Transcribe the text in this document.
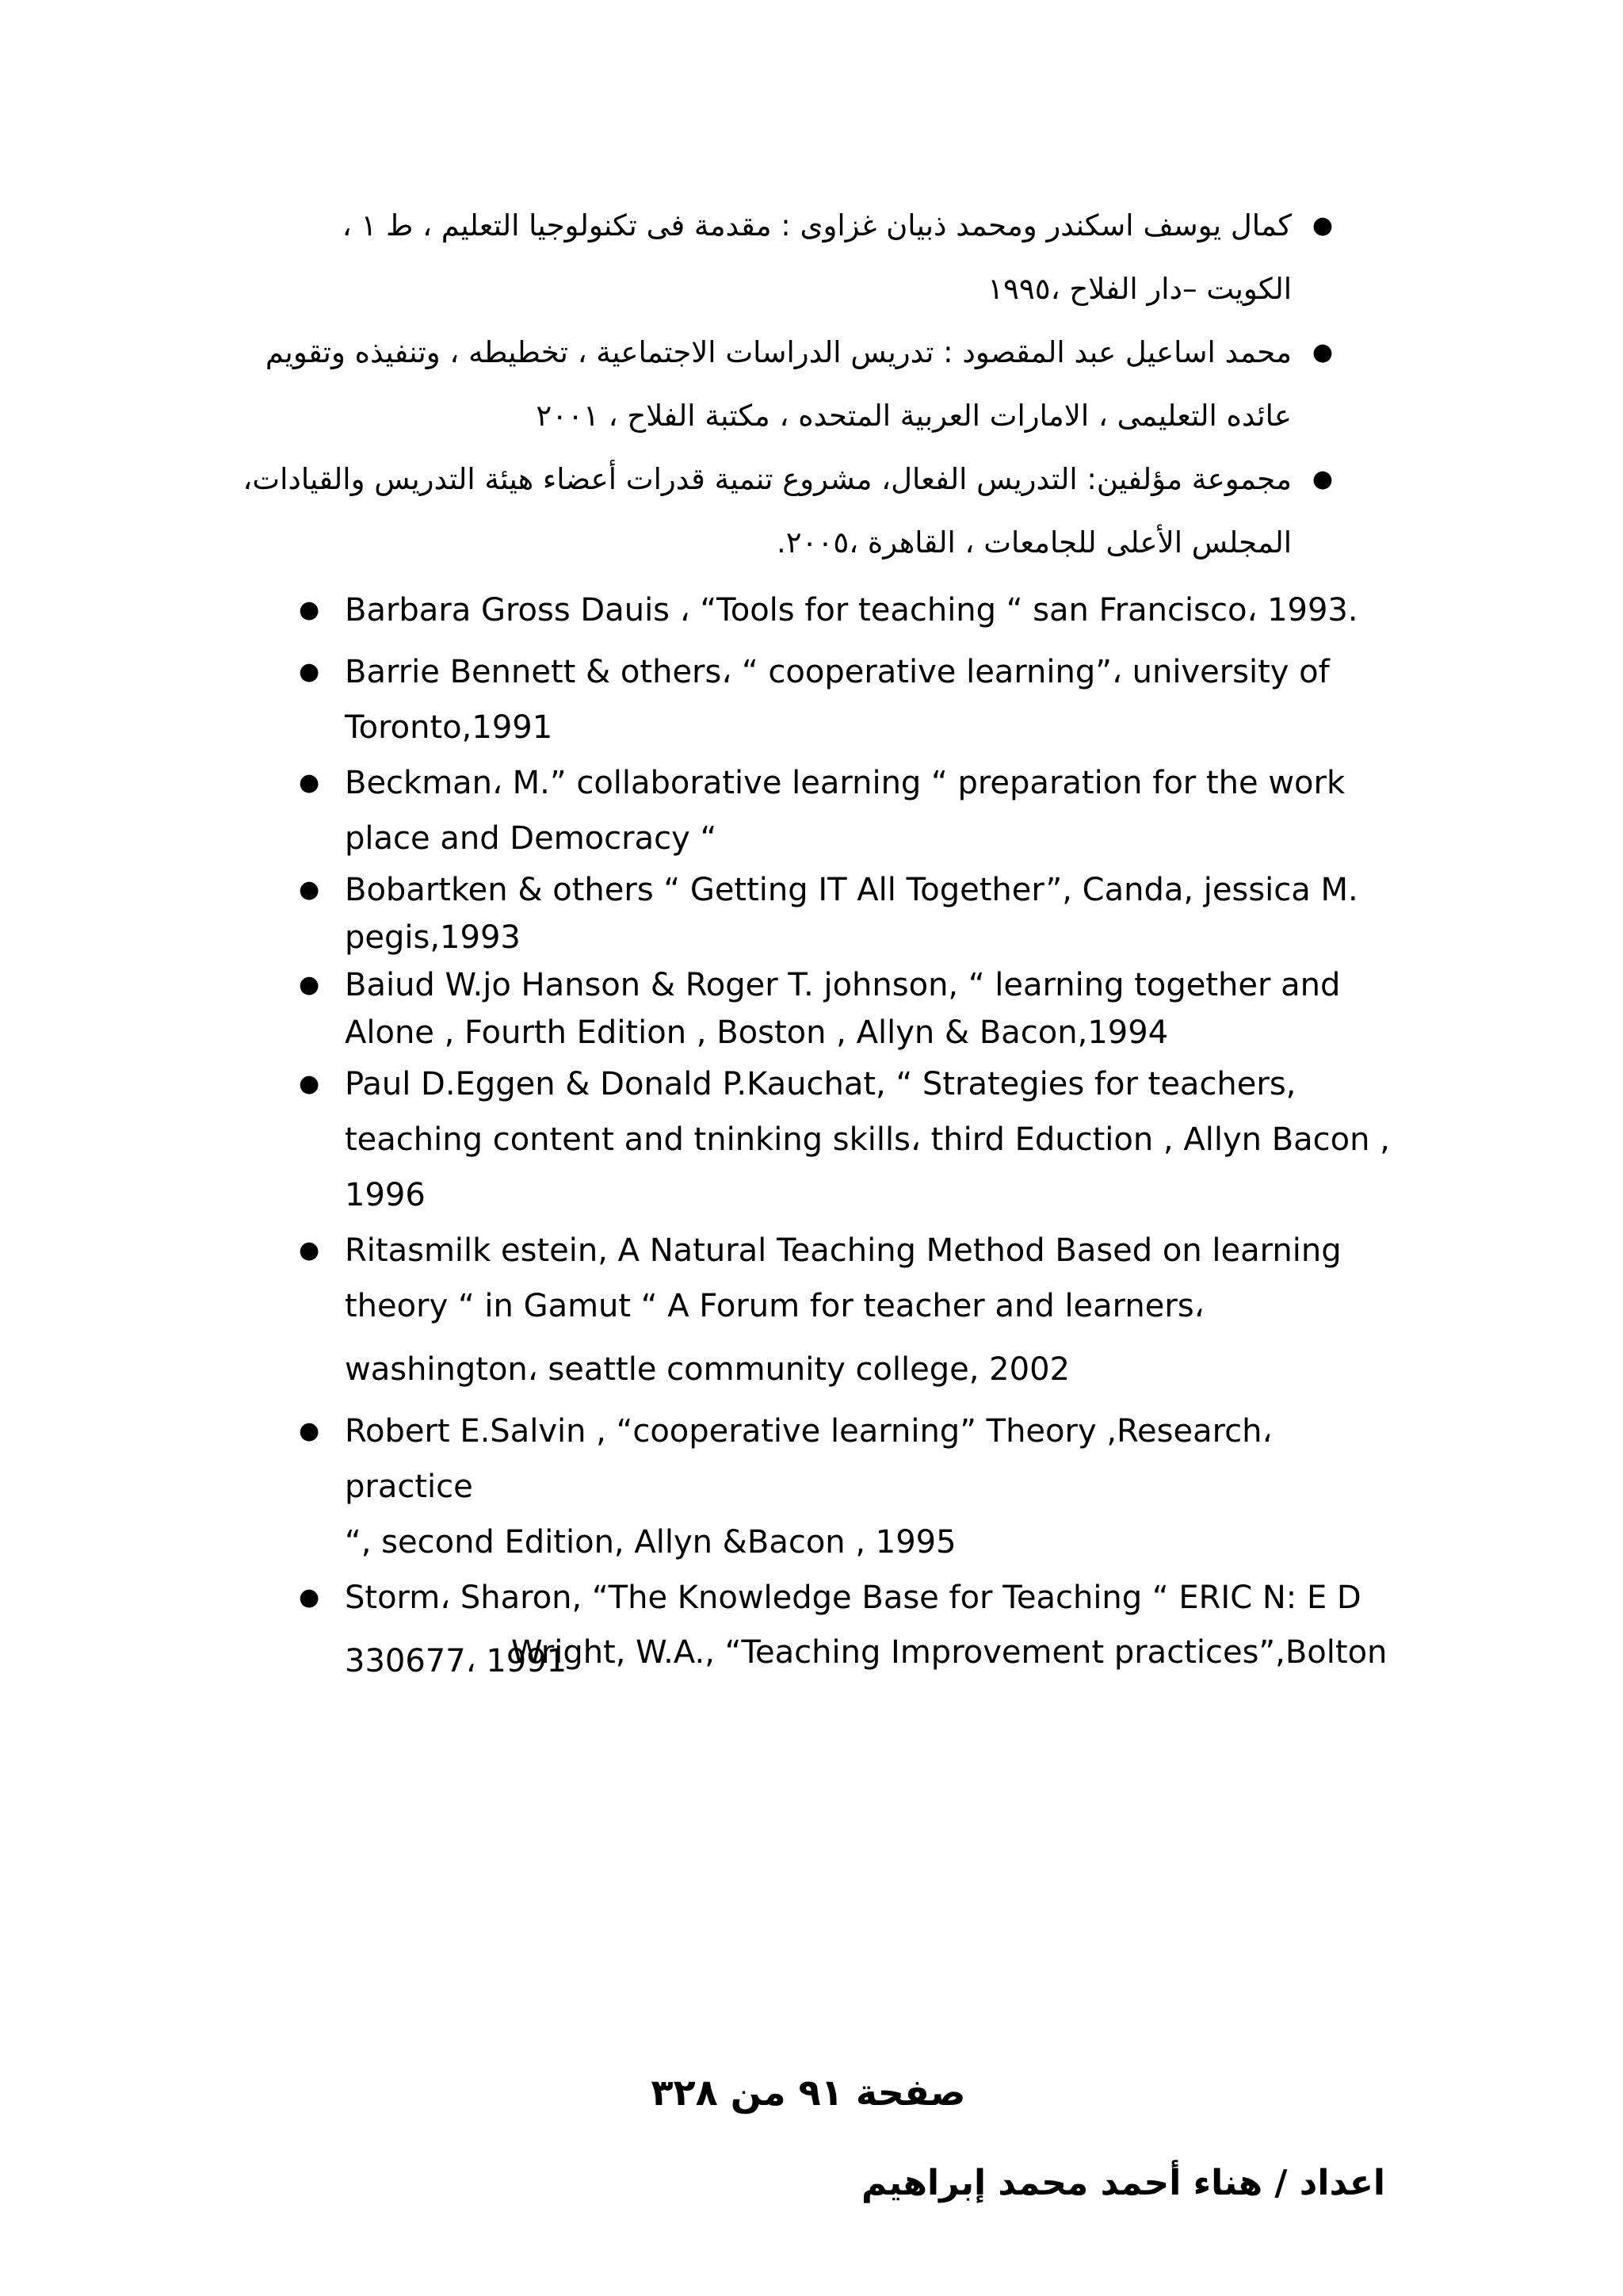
●
كمال يوسف اسكندر ومحمد ذبيان غزاوى : مقدمة فى تكنولوجيا التعليم ، ط ١ ،
الكويت –دار الفلاح ،١٩٩٥
●
محمد اساعيل عبد المقصود : تدريس الدراسات الاجتماعية ، تخطيطه ، وتنفيذه وتقويم
عائده التعليمى ، الامارات العربية المتحده ، مكتبة الفلاح ، ٢٠٠١
●
مجموعة مؤلفين: التدريس الفعال، مشروع تنمية قدرات أعضاء هيئة التدريس والقيادات،
المجلس الأعلى للجامعات ، القاهرة ،٢٠٠٥.
● Barbara Gross Dauis ، “Tools for teaching “ san Francisco، 1993.
● Barrie Bennett & others، “ cooperative learning”، university of
Toronto,1991
● Beckman، M.” collaborative learning “ preparation for the work
place and Democracy “
● Bobartken & others “ Getting IT All Together”, Canda, jessica M.
pegis,1993
● Baiud W.jo Hanson & Roger T. johnson, “ learning together and
Alone , Fourth Edition , Boston , Allyn & Bacon,1994
● Paul D.Eggen & Donald P.Kauchat, “ Strategies for teachers,
teaching content and tninking skills، third Eduction , Allyn Bacon ,
1996
● Ritasmilk estein, A Natural Teaching Method Based on learning
theory “ in Gamut “ A Forum for teacher and learners،
washington، seattle community college, 2002
● Robert E.Salvin , “cooperative learning” Theory ,Research، practice
“, second Edition, Allyn &Bacon , 1995
● Storm، Sharon, “The Knowledge Base for Teaching “ ERIC N: E D
330677، 1991
Wright, W.A., “Teaching Improvement practices”,Bolton
صفحة ٩١ من ٣٢٨
اعداد / هناء أحمد محمد إبراهيم
